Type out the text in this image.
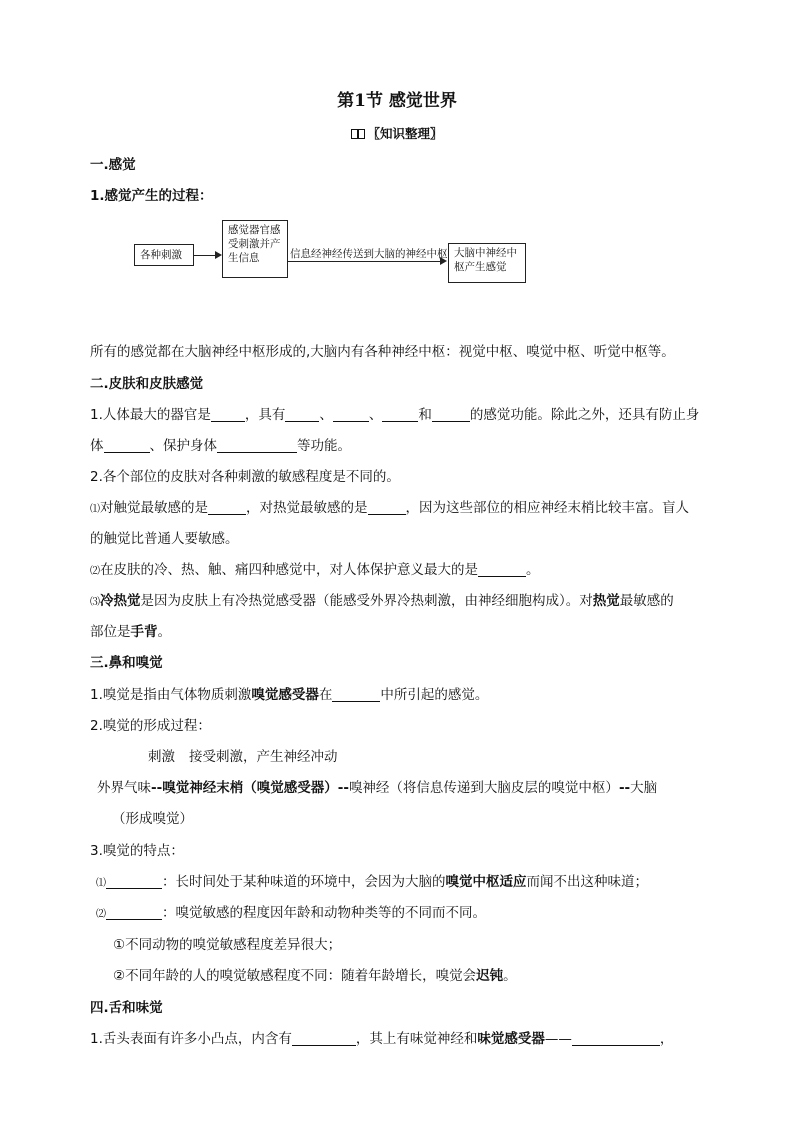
第1节 感觉世界
〖知识整理〗
一.感觉
1.感觉产生的过程：
各种刺激
感觉器官感受刺激并产生信息	信息经神经传送到大脑的神经中枢 大脑中神经中枢产生感觉
所有的感觉都在大脑神经中枢形成的,大脑内有各种神经中枢：视觉中枢、嗅觉中枢、听觉中枢等。
二.皮肤和皮肤感觉
1.人体最大的器官是	，具有	、	、	和	的感觉功能。除此之外，还具有防止身
体	、保护身体	等功能。
2.各个部位的皮肤对各种刺激的敏感程度是不同的。
⑴对触觉最敏感的是	，对热觉最敏感的是	，因为这些部位的相应神经末梢比较丰富。盲人
的触觉比普通人要敏感。
⑵在皮肤的冷、热、触、痛四种感觉中，对人体保护意义最大的是	。
⑶冷热觉是因为皮肤上有冷热觉感受器（能感受外界冷热刺激，由神经细胞构成）。对热觉最敏感的
部位是手背。
三.鼻和嗅觉
1.嗅觉是指由气体物质刺激嗅觉感受器在	中所引起的感觉。
2.嗅觉的形成过程：
刺激 接受刺激，产生神经冲动
外界气味--嗅觉神经末梢（嗅觉感受器）--嗅神经（将信息传递到大脑皮层的嗅觉中枢）--大脑
（形成嗅觉）
3.嗅觉的特点：
⑴	：长时间处于某种味道的环境中，会因为大脑的嗅觉中枢适应而闻不出这种味道；
⑵	：嗅觉敏感的程度因年龄和动物种类等的不同而不同。
①不同动物的嗅觉敏感程度差异很大；
②不同年龄的人的嗅觉敏感程度不同：随着年龄增长，嗅觉会迟钝。
四.舌和味觉
1.舌头表面有许多小凸点，内含有	，其上有味觉神经和味觉感受器——	，
